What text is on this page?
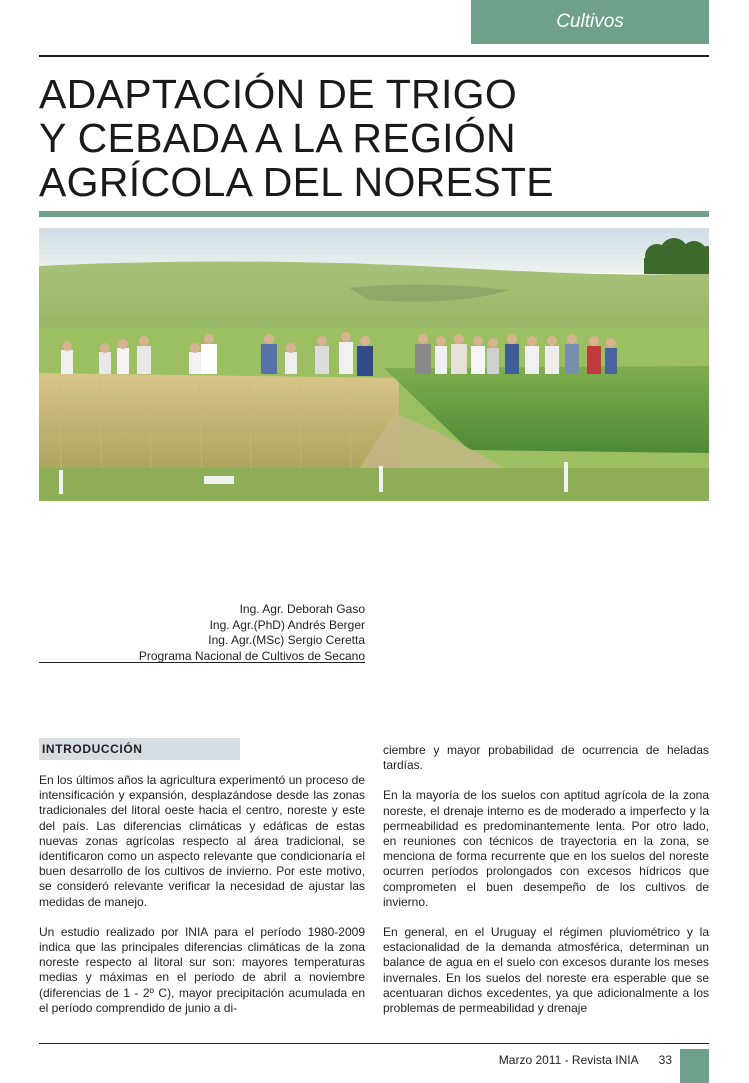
Cultivos
ADAPTACIÓN DE TRIGO
Y CEBADA A LA REGIÓN
AGRÍCOLA DEL NORESTE
Ing. Agr. Deborah Gaso
Ing. Agr.(PhD) Andrés Berger
Ing. Agr.(MSc) Sergio Ceretta
Programa Nacional de Cultivos de Secano
INTRODUCCIÓN

En los últimos años la agricultura experimentó un proceso de intensificación y expansión, desplazándose desde las zonas tradicionales del litoral oeste hacia el centro, noreste y este del país. Las diferencias climáticas y edáficas de estas nuevas zonas agrícolas respecto al área tradicional, se identificaron como un aspecto relevante que condicionaría el buen desarrollo de los cultivos de invierno. Por este motivo, se consideró relevante verificar la necesidad de ajustar las medidas de manejo.

Un estudio realizado por INIA para el período 1980-2009 indica que las principales diferencias climáticas de la zona noreste respecto al litoral sur son: mayores temperaturas medias y máximas en el periodo de abril a noviembre (diferencias de 1 - 2º C), mayor precipitación acumulada en el período comprendido de junio a di-

ciembre y mayor probabilidad de ocurrencia de heladas tardías.

En la mayoría de los suelos con aptitud agrícola de la zona noreste, el drenaje interno es de moderado a imperfecto y la permeabilidad es predominantemente lenta. Por otro lado, en reuniones con técnicos de trayectoria en la zona, se menciona de forma recurrente que en los suelos del noreste ocurren períodos prolongados con excesos hídricos que comprometen el buen desempeño de los cultivos de invierno.

En general, en el Uruguay el régimen pluviométrico y la estacionalidad de la demanda atmosférica, determinan un balance de agua en el suelo con excesos durante los meses invernales. En los suelos del noreste era esperable que se acentuaran dichos excedentes, ya que adicionalmente a los problemas de permeabilidad y drenaje

Marzo 2011 - Revista INIA 33
